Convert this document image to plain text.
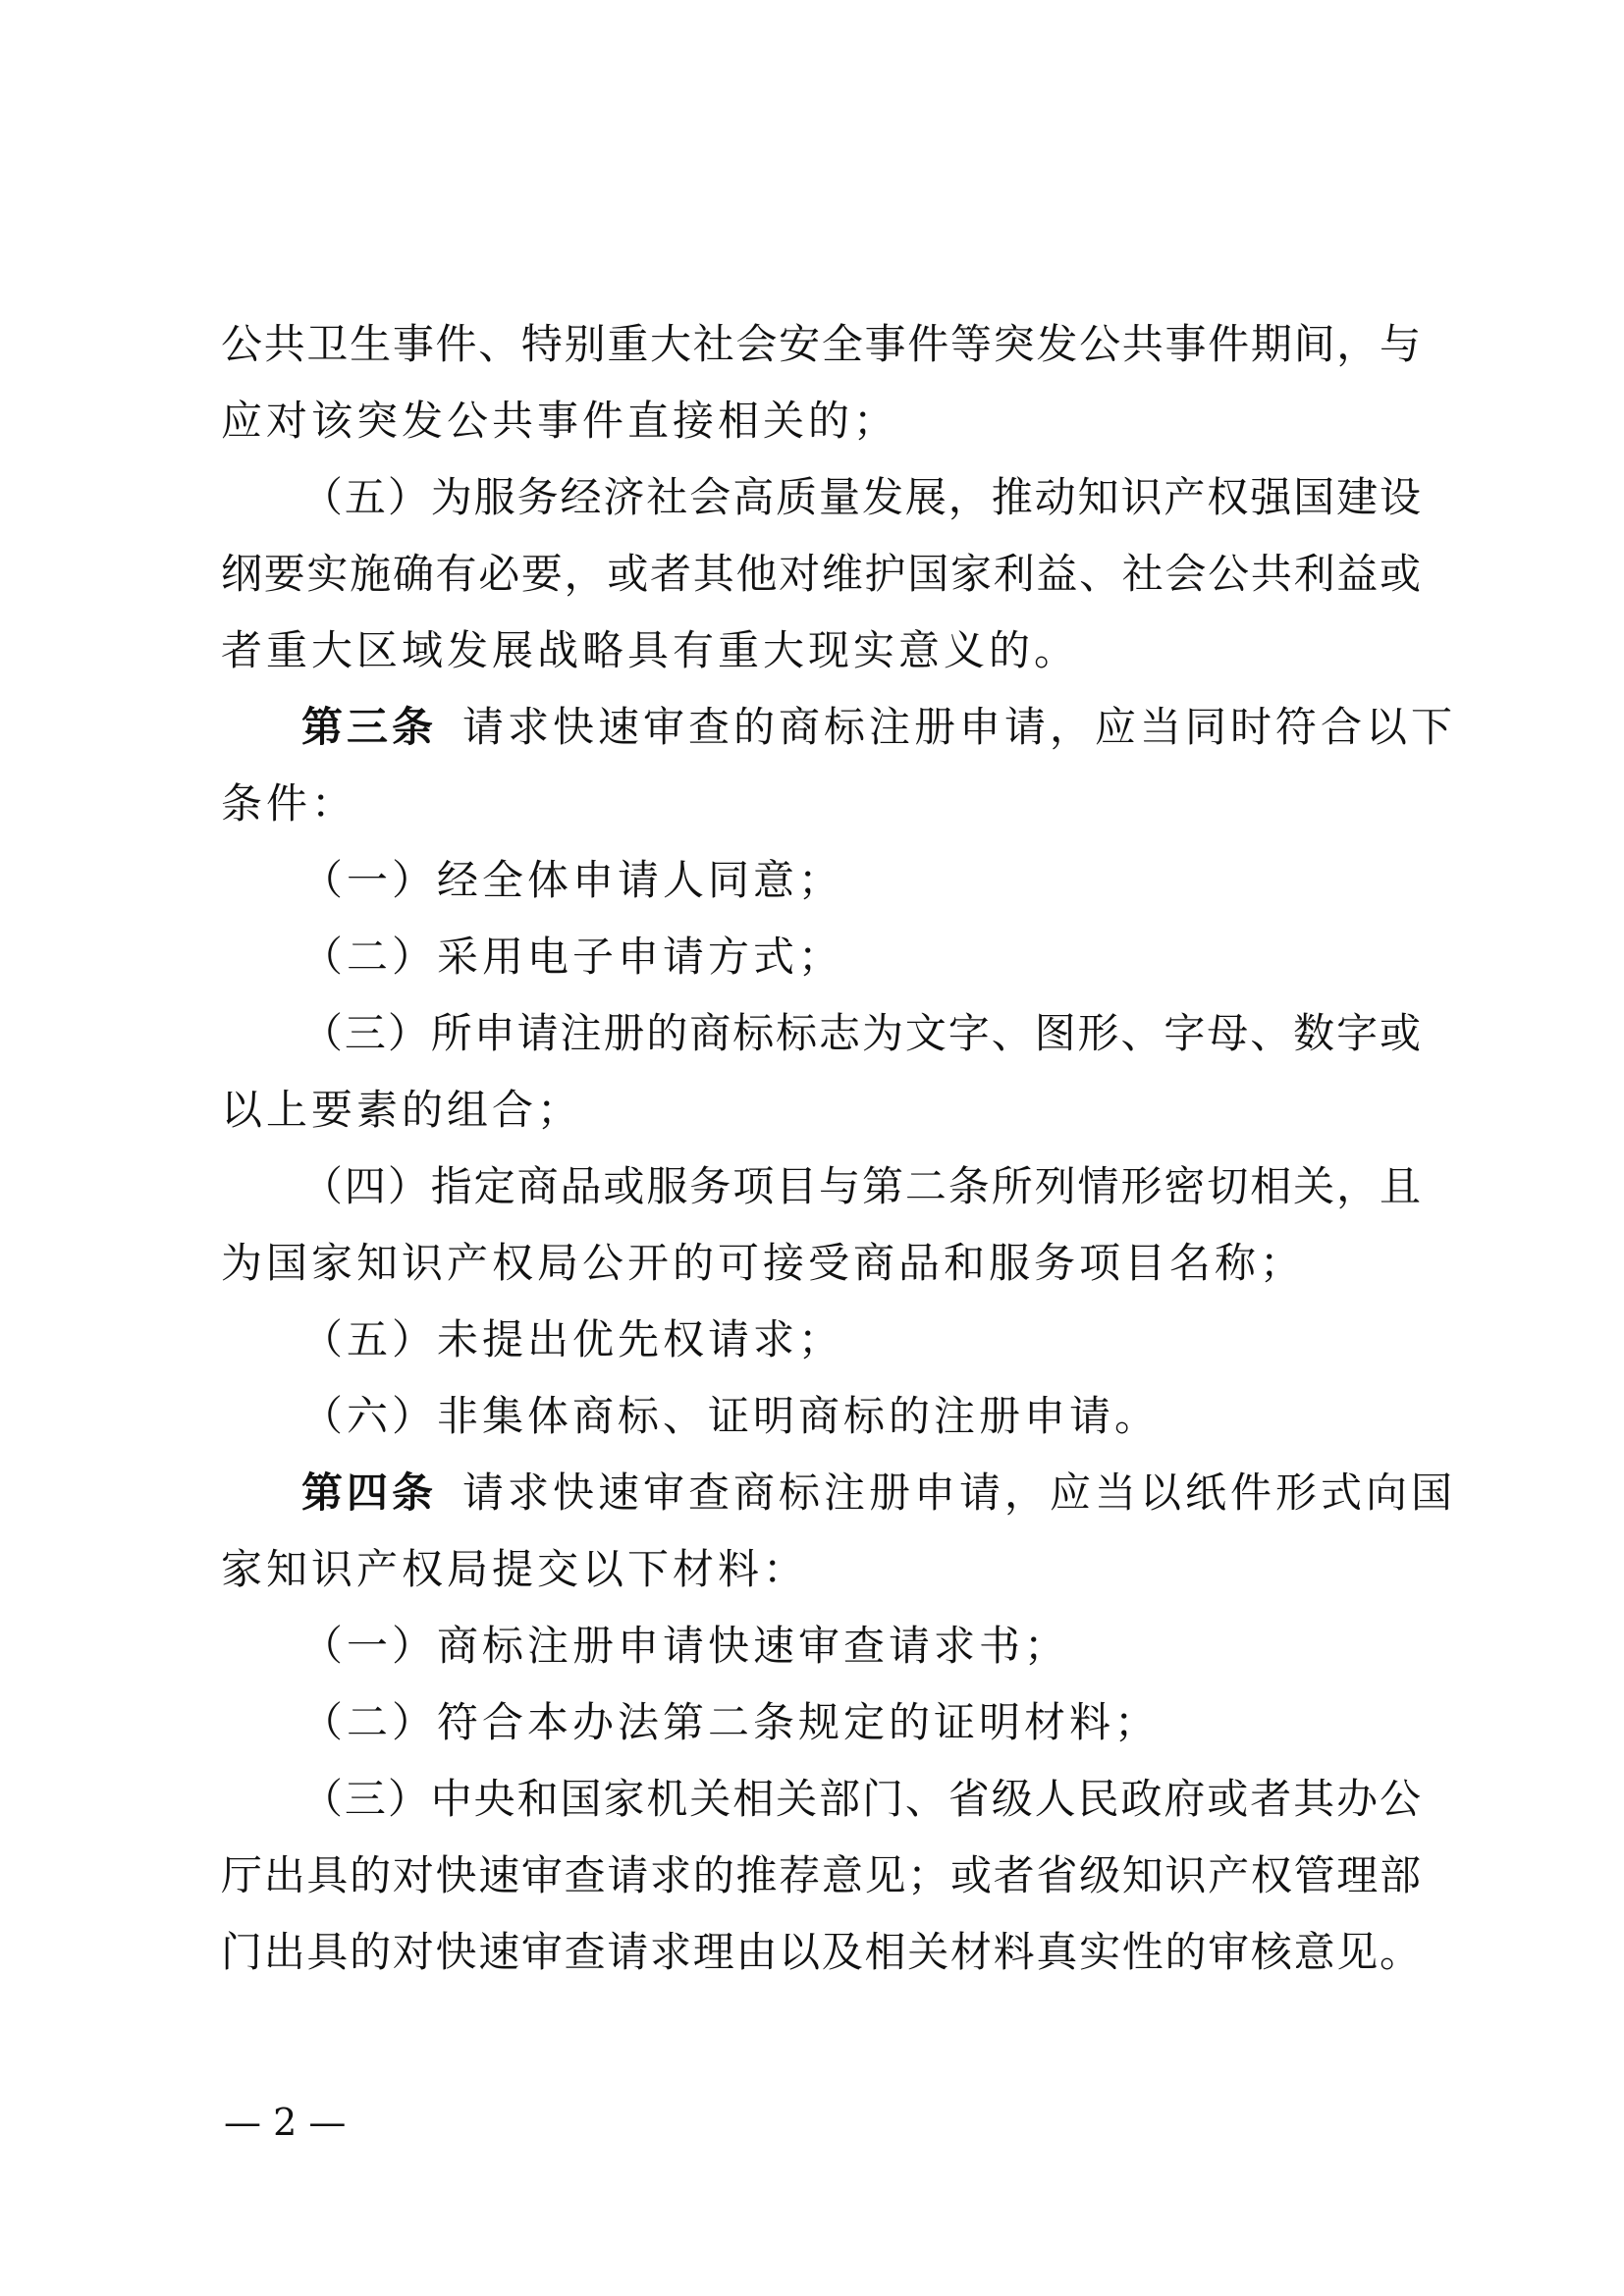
公共卫生事件、特别重大社会安全事件等突发公共事件期间，与
应对该突发公共事件直接相关的；
（五）为服务经济社会高质量发展，推动知识产权强国建设
纲要实施确有必要，或者其他对维护国家利益、社会公共利益或
者重大区域发展战略具有重大现实意义的。
第三条 请求快速审查的商标注册申请，应当同时符合以下
条件：
（一）经全体申请人同意；
（二）采用电子申请方式；
（三）所申请注册的商标标志为文字、图形、字母、数字或
以上要素的组合；
（四）指定商品或服务项目与第二条所列情形密切相关，且
为国家知识产权局公开的可接受商品和服务项目名称；
（五）未提出优先权请求；
（六）非集体商标、证明商标的注册申请。
第四条 请求快速审查商标注册申请，应当以纸件形式向国
家知识产权局提交以下材料：
（一）商标注册申请快速审查请求书；
（二）符合本办法第二条规定的证明材料；
（三）中央和国家机关相关部门、省级人民政府或者其办公
厅出具的对快速审查请求的推荐意见；或者省级知识产权管理部
门出具的对快速审查请求理由以及相关材料真实性的审核意见。
— 2 —
